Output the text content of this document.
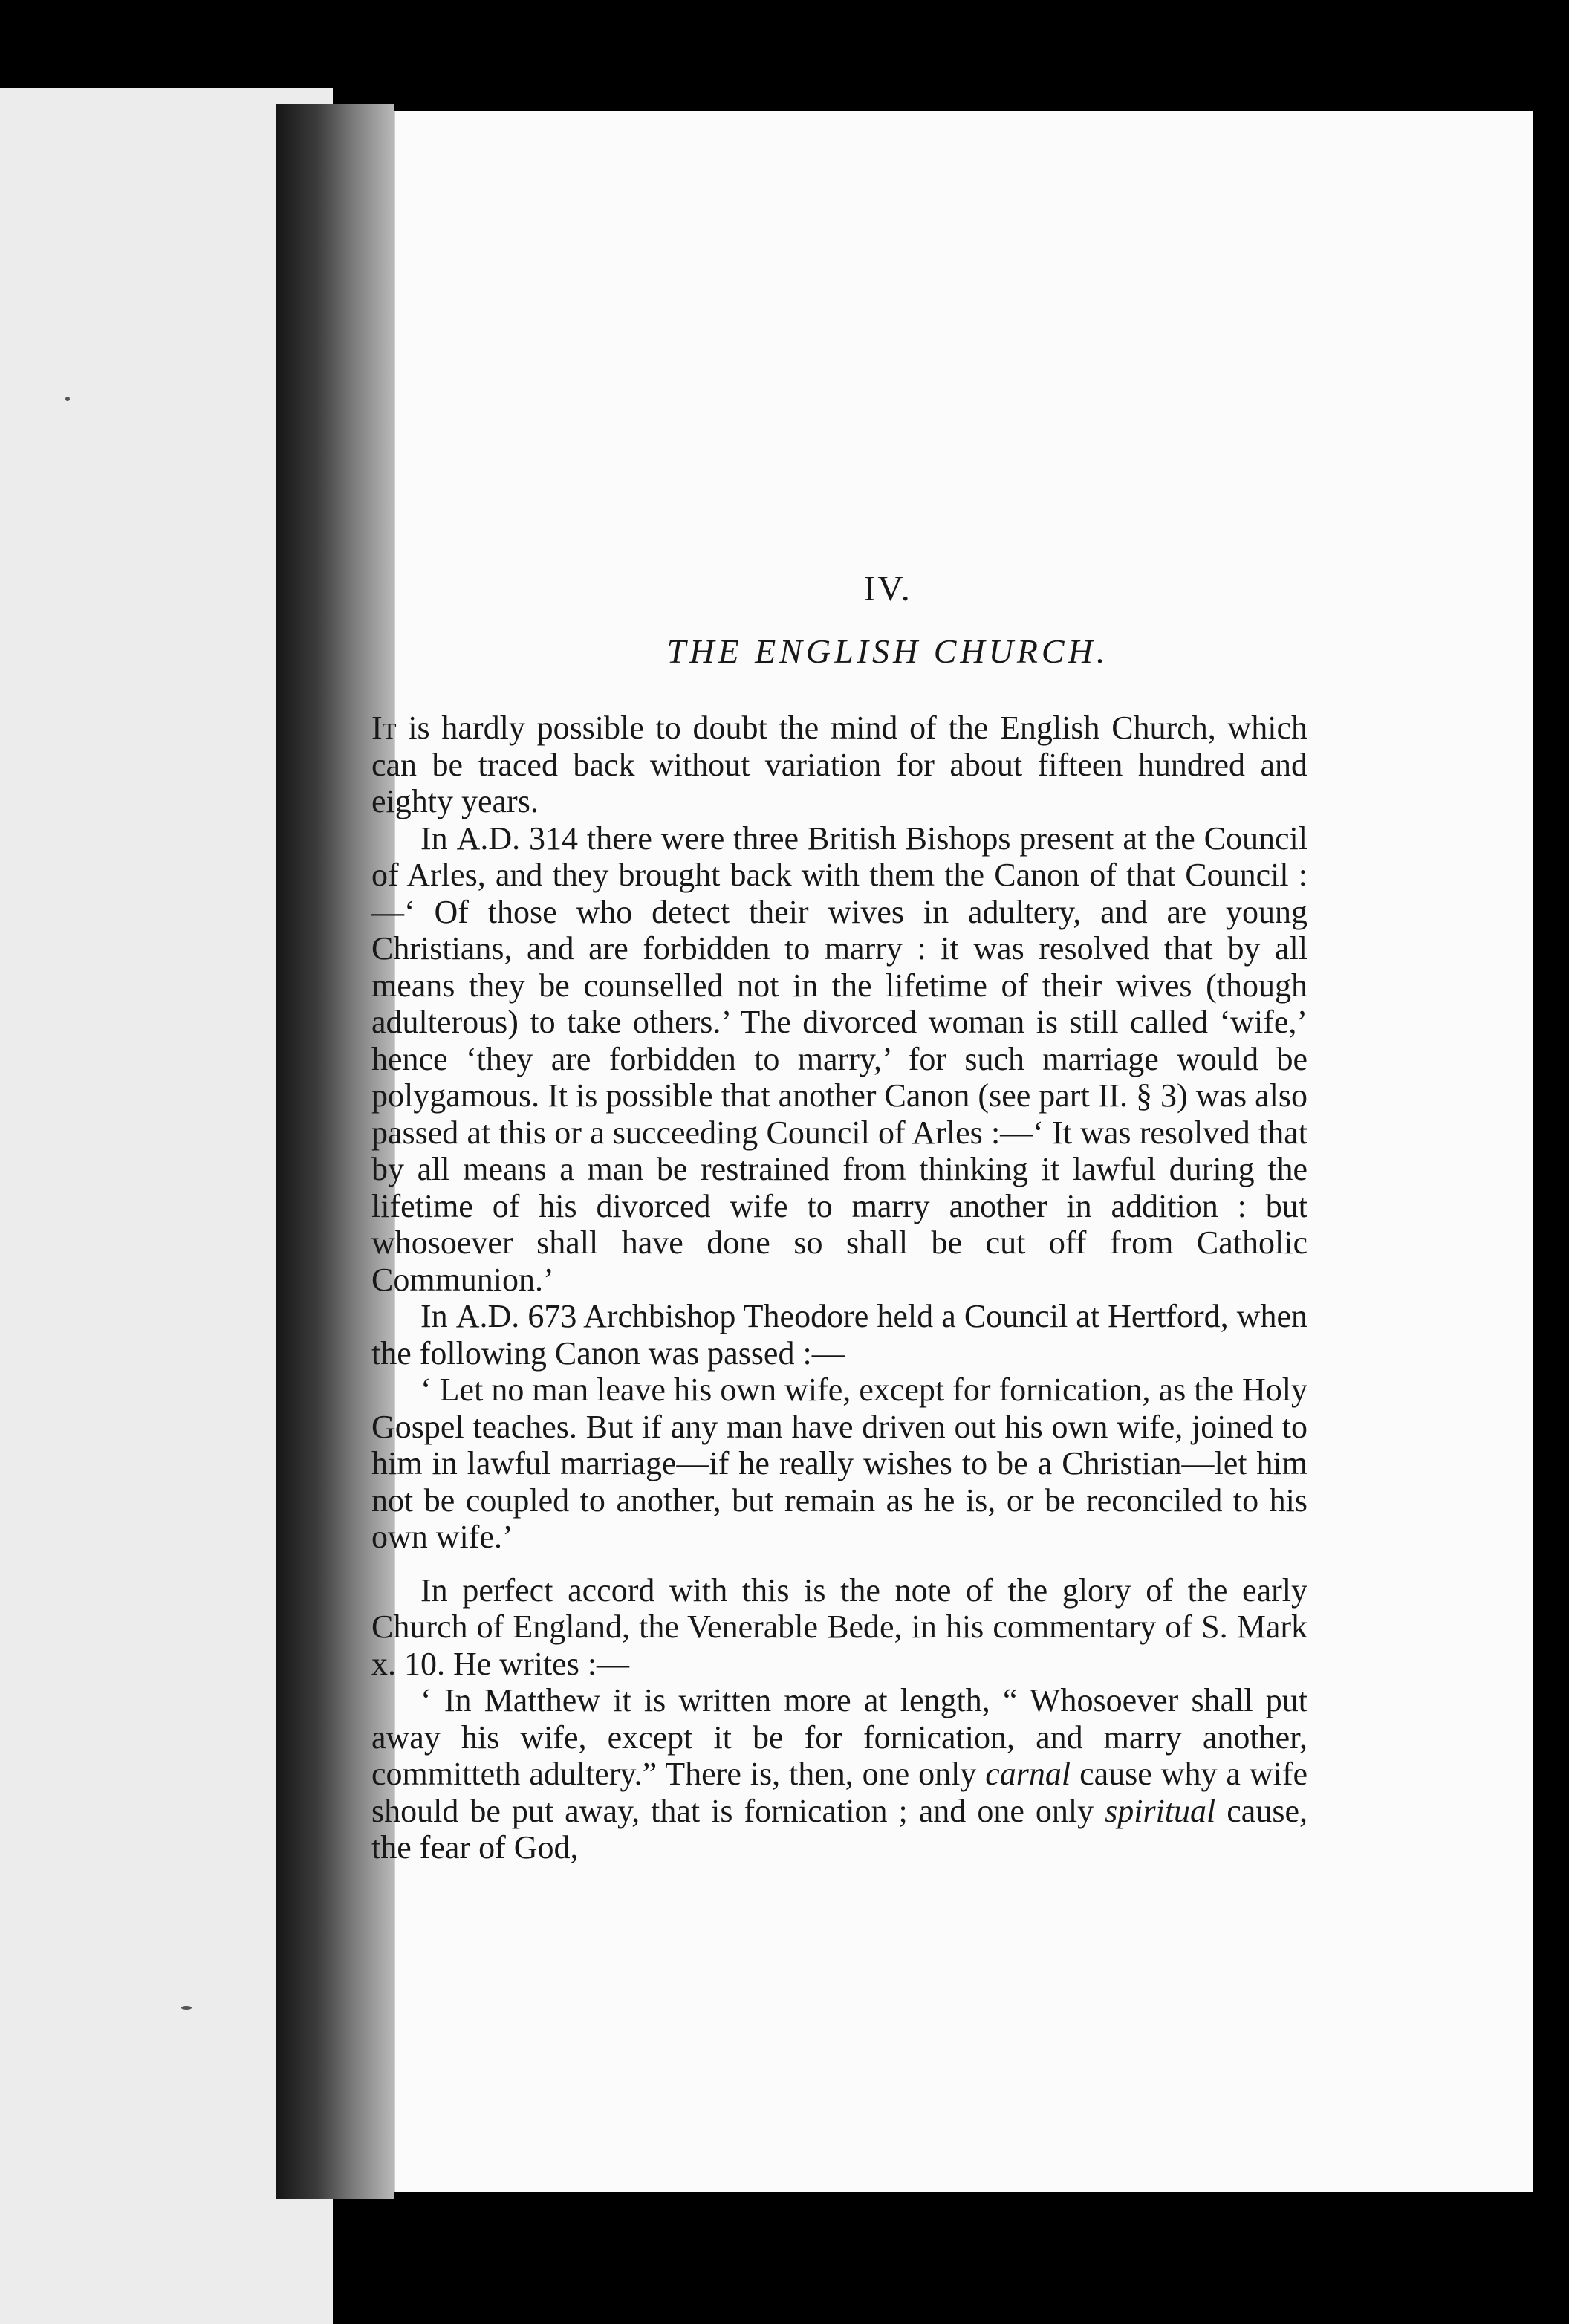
IV.
THE ENGLISH CHURCH.

It is hardly possible to doubt the mind of the English Church, which can be traced back without variation for about fifteen hundred and eighty years.

In A.D. 314 there were three British Bishops present at the Council of Arles, and they brought back with them the Canon of that Council :—‘ Of those who detect their wives in adultery, and are young Christians, and are forbidden to marry : it was resolved that by all means they be counselled not in the lifetime of their wives (though adulterous) to take others.’ The divorced woman is still called ‘wife,’ hence ‘they are forbidden to marry,’ for such marriage would be polygamous. It is possible that another Canon (see part II. § 3) was also passed at this or a succeeding Council of Arles :—‘ It was resolved that by all means a man be restrained from thinking it lawful during the lifetime of his divorced wife to marry another in addition : but whosoever shall have done so shall be cut off from Catholic Communion.’

In A.D. 673 Archbishop Theodore held a Council at Hertford, when the following Canon was passed :—

‘ Let no man leave his own wife, except for fornication, as the Holy Gospel teaches. But if any man have driven out his own wife, joined to him in lawful marriage—if he really wishes to be a Christian—let him not be coupled to another, but remain as he is, or be reconciled to his own wife.’

In perfect accord with this is the note of the glory of the early Church of England, the Venerable Bede, in his commentary of S. Mark x. 10. He writes :—

‘ In Matthew it is written more at length, “ Whosoever shall put away his wife, except it be for fornication, and marry another, committeth adultery.” There is, then, one only carnal cause why a wife should be put away, that is fornication ; and one only spiritual cause, the fear of God,
